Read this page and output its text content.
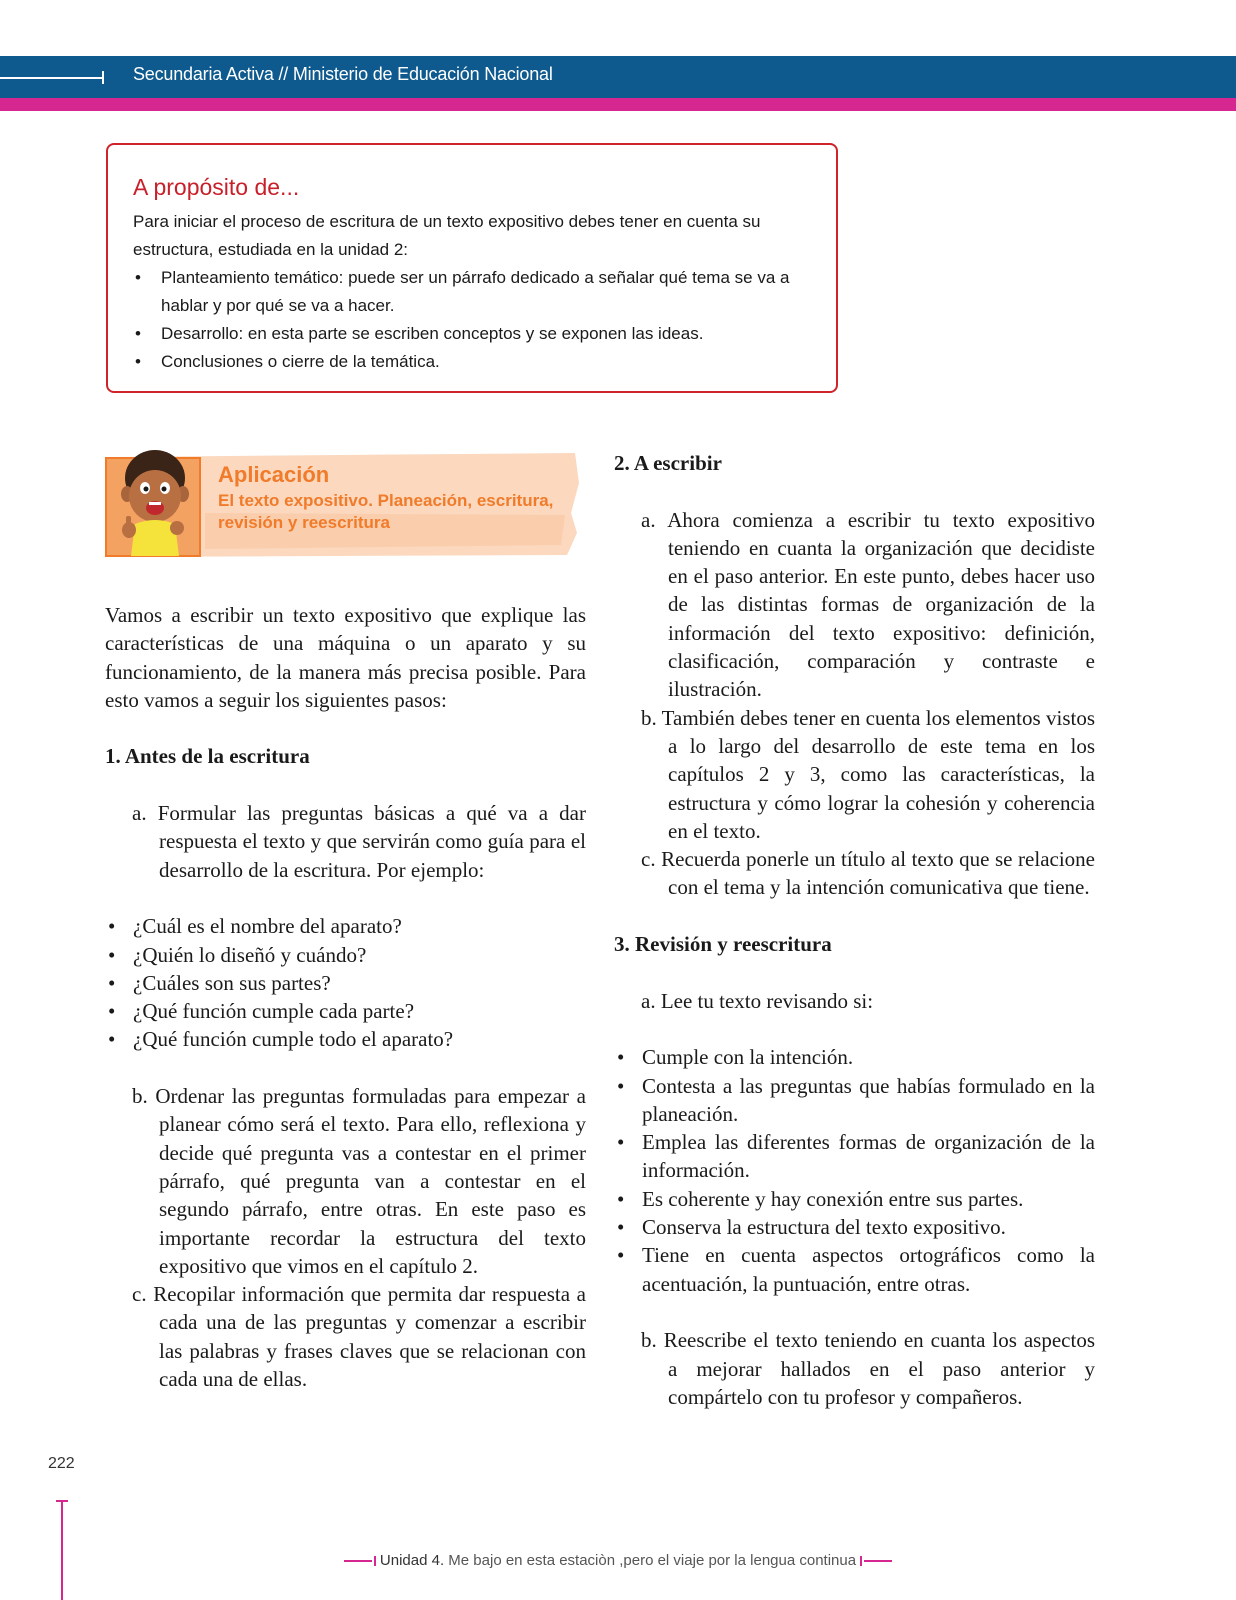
Secundaria Activa // Ministerio de Educación Nacional
A propósito de...

Para iniciar el proceso de escritura de un texto expositivo debes tener en cuenta su estructura, estudiada en la unidad 2:

• Planteamiento temático: puede ser un párrafo dedicado a señalar qué tema se va a hablar y por qué se va a hacer.
• Desarrollo: en esta parte se escriben conceptos y se exponen las ideas.
• Conclusiones o cierre de la temática.
Aplicación
El texto expositivo. Planeación, escritura, revisión y reescritura

Vamos a escribir un texto expositivo que explique las características de una máquina o un aparato y su funcionamiento, de la manera más precisa posible. Para esto vamos a seguir los siguientes pasos:

1. Antes de la escritura

a. Formular las preguntas básicas a qué va a dar respuesta el texto y que servirán como guía para el desarrollo de la escritura. Por ejemplo:

• ¿Cuál es el nombre del aparato?

• ¿Quién lo diseñó y cuándo?

• ¿Cuáles son sus partes?

• ¿Qué función cumple cada parte?

• ¿Qué función cumple todo el aparato?

b. Ordenar las preguntas formuladas para empezar a planear cómo será el texto. Para ello, reflexiona y decide qué pregunta vas a contestar en el primer párrafo, qué pregunta van a contestar en el segundo párrafo, entre otras. En este paso es importante recordar la estructura del texto expositivo que vimos en el capítulo 2.

c. Recopilar información que permita dar respuesta a cada una de las preguntas y comenzar a escribir las palabras y frases claves que se relacionan con cada una de ellas.

2. A escribir

a. Ahora comienza a escribir tu texto expositivo teniendo en cuanta la organización que decidiste en el paso anterior. En este punto, debes hacer uso de las distintas formas de organización de la información del texto expositivo: definición, clasificación, comparación y contraste e ilustración.

b. También debes tener en cuenta los elementos vistos a lo largo del desarrollo de este tema en los capítulos 2 y 3, como las características, la estructura y cómo lograr la cohesión y coherencia en el texto.

c. Recuerda ponerle un título al texto que se relacione con el tema y la intención comunicativa que tiene.

3. Revisión y reescritura

a. Lee tu texto revisando si:

• Cumple con la intención.

• Contesta a las preguntas que habías formulado en la planeación.

• Emplea las diferentes formas de organización de la información.

• Es coherente y hay conexión entre sus partes.

• Conserva la estructura del texto expositivo.

• Tiene en cuenta aspectos ortográficos como la acentuación, la puntuación, entre otras.

b. Reescribe el texto teniendo en cuanta los aspectos a mejorar hallados en el paso anterior y compártelo con tu profesor y compañeros.

222
Unidad 4. Me bajo en esta estaciòn ,pero el viaje por la lengua continua
